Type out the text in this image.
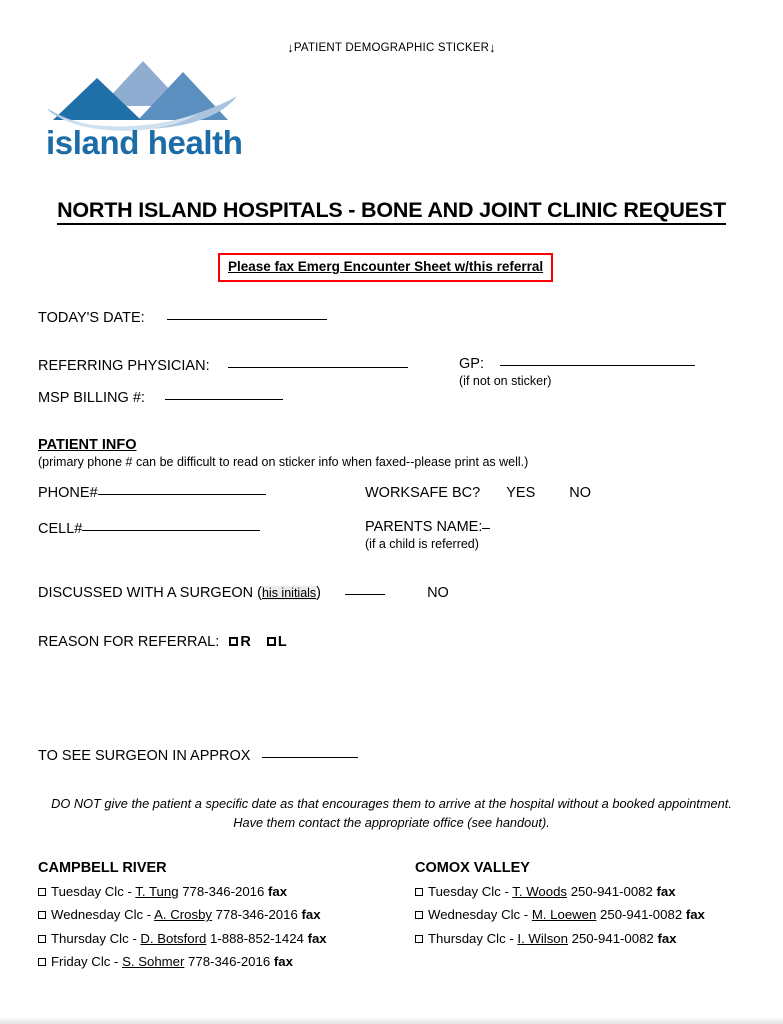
↓PATIENT DEMOGRAPHIC STICKER↓
island health
NORTH ISLAND HOSPITALS - BONE AND JOINT CLINIC REQUEST
Please fax Emerg Encounter Sheet w/this referral
TODAY'S DATE:
REFERRING PHYSICIAN:	GP:
(if not on sticker)
MSP BILLING #:
PATIENT INFO
(primary phone # can be difficult to read on sticker info when faxed--please print as well.)
PHONE#	WORKSAFE BC? YES NO
CELL#	PARENTS NAME:
(if a child is referred)
DISCUSSED WITH A SURGEON (his initials)	NO
REASON FOR REFERRAL: R L
TO SEE SURGEON IN APPROX
DO NOT give the patient a specific date as that encourages them to arrive at the hospital without a booked appointment.
Have them contact the appropriate office (see handout).
CAMPBELL RIVER
Tuesday Clc - T. Tung 778-346-2016 fax
Wednesday Clc - A. Crosby 778-346-2016 fax
Thursday Clc - D. Botsford 1-888-852-1424 fax
Friday Clc - S. Sohmer 778-346-2016 fax
COMOX VALLEY
Tuesday Clc - T. Woods 250-941-0082 fax
Wednesday Clc - M. Loewen 250-941-0082 fax
Thursday Clc - I. Wilson 250-941-0082 fax
